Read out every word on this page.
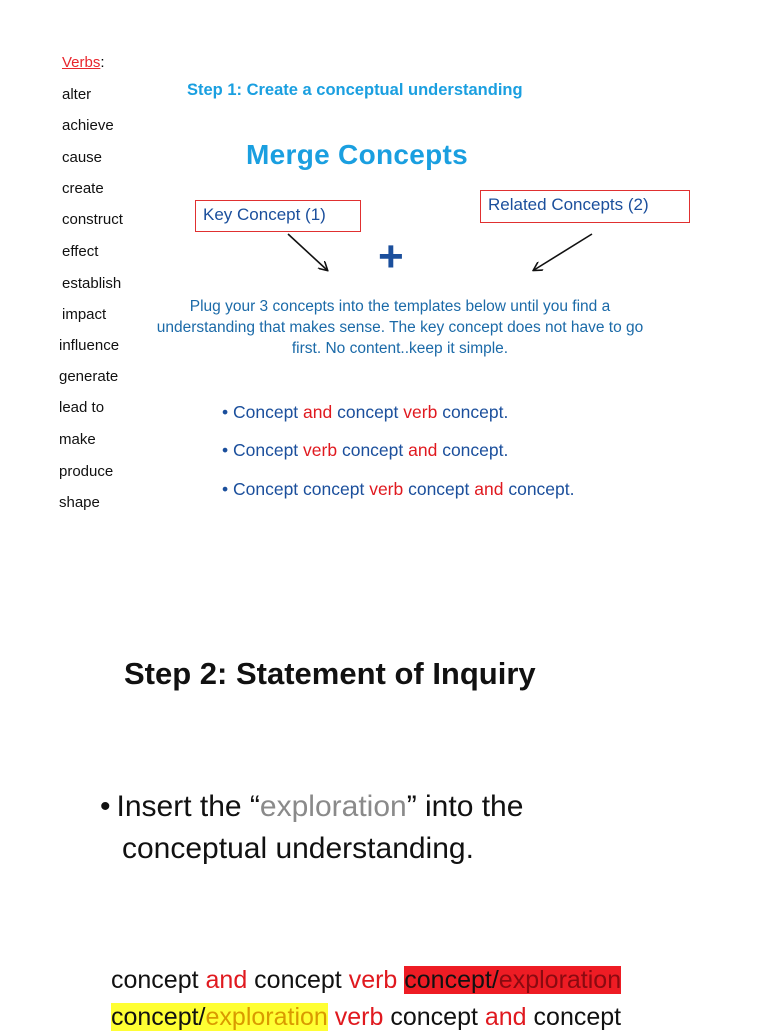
Verbs:
alter
achieve
cause
create
construct
effect
establish
impact
influence
generate
lead to
make
produce
shape
Step 1: Create a conceptual understanding
Merge Concepts
Key Concept (1)
Related Concepts (2)
+
Plug your 3 concepts into the templates below until you find a understanding that makes sense. The key concept does not have to go first. No content..keep it simple.
• Concept and concept verb concept.
• Concept verb concept and concept.
• Concept concept verb concept and concept.
Step 2: Statement of Inquiry
• Insert the “exploration” into the
conceptual understanding.
concept and concept verb concept/exploration
concept/exploration verb concept and concept
